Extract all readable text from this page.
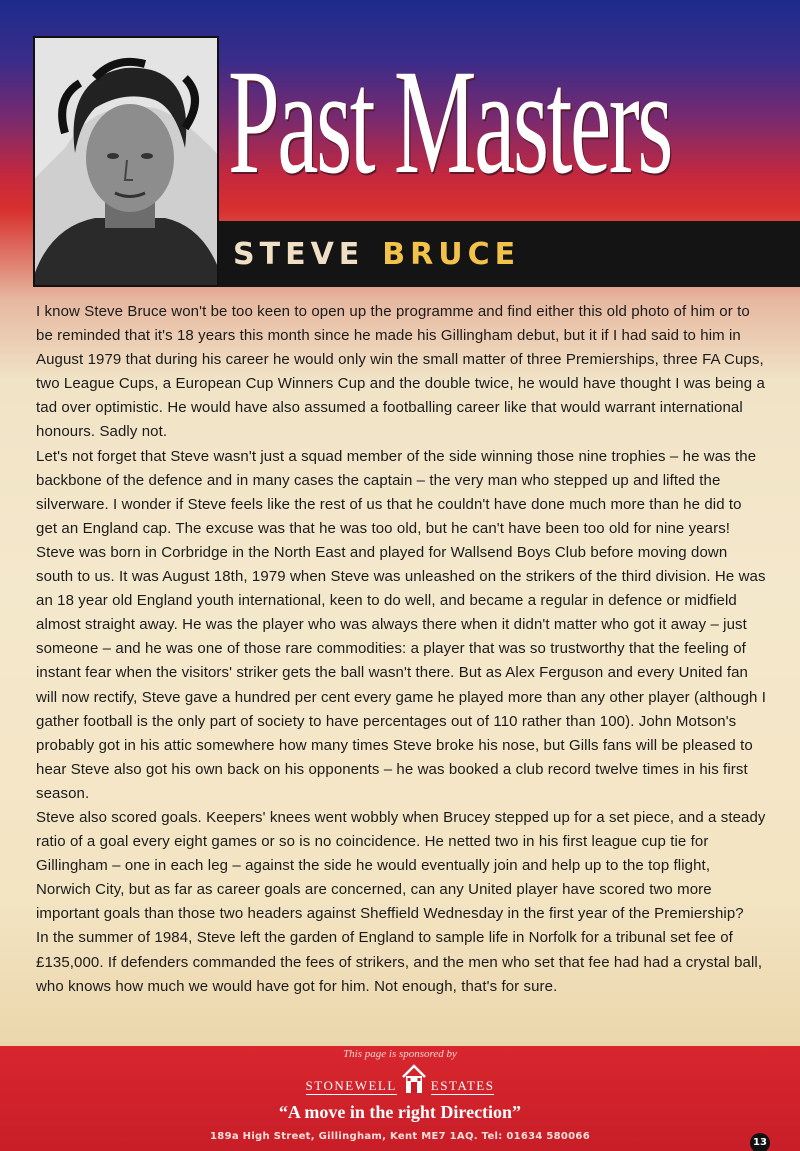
Past Masters
STEVE BRUCE

I know Steve Bruce won't be too keen to open up the programme and find either this old photo of him or to be reminded that it's 18 years this month since he made his Gillingham debut, but it if I had said to him in August 1979 that during his career he would only win the small matter of three Premierships, three FA Cups, two League Cups, a European Cup Winners Cup and the double twice, he would have thought I was being a tad over optimistic. He would have also assumed a footballing career like that would warrant international honours. Sadly not.

Let's not forget that Steve wasn't just a squad member of the side winning those nine trophies – he was the backbone of the defence and in many cases the captain – the very man who stepped up and lifted the silverware. I wonder if Steve feels like the rest of us that he couldn't have done much more than he did to get an England cap. The excuse was that he was too old, but he can't have been too old for nine years!

Steve was born in Corbridge in the North East and played for Wallsend Boys Club before moving down south to us. It was August 18th, 1979 when Steve was unleashed on the strikers of the third division. He was an 18 year old England youth international, keen to do well, and became a regular in defence or midfield almost straight away. He was the player who was always there when it didn't matter who got it away – just someone – and he was one of those rare commodities: a player that was so trustworthy that the feeling of instant fear when the visitors' striker gets the ball wasn't there. But as Alex Ferguson and every United fan will now rectify, Steve gave a hundred per cent every game he played more than any other player (although I gather football is the only part of society to have percentages out of 110 rather than 100). John Motson's probably got in his attic somewhere how many times Steve broke his nose, but Gills fans will be pleased to hear Steve also got his own back on his opponents – he was booked a club record twelve times in his first season.

Steve also scored goals. Keepers' knees went wobbly when Brucey stepped up for a set piece, and a steady ratio of a goal every eight games or so is no coincidence. He netted two in his first league cup tie for Gillingham – one in each leg – against the side he would eventually join and help up to the top flight, Norwich City, but as far as career goals are concerned, can any United player have scored two more important goals than those two headers against Sheffield Wednesday in the first year of the Premiership?

In the summer of 1984, Steve left the garden of England to sample life in Norfolk for a tribunal set fee of £135,000. If defenders commanded the fees of strikers, and the men who set that fee had had a crystal ball, who knows how much we would have got for him. Not enough, that's for sure.

This page is sponsored by
STONEWELL	ESTATES
“A move in the right Direction”
189a High Street, Gillingham, Kent ME7 1AQ. Tel: 01634 580066
13
